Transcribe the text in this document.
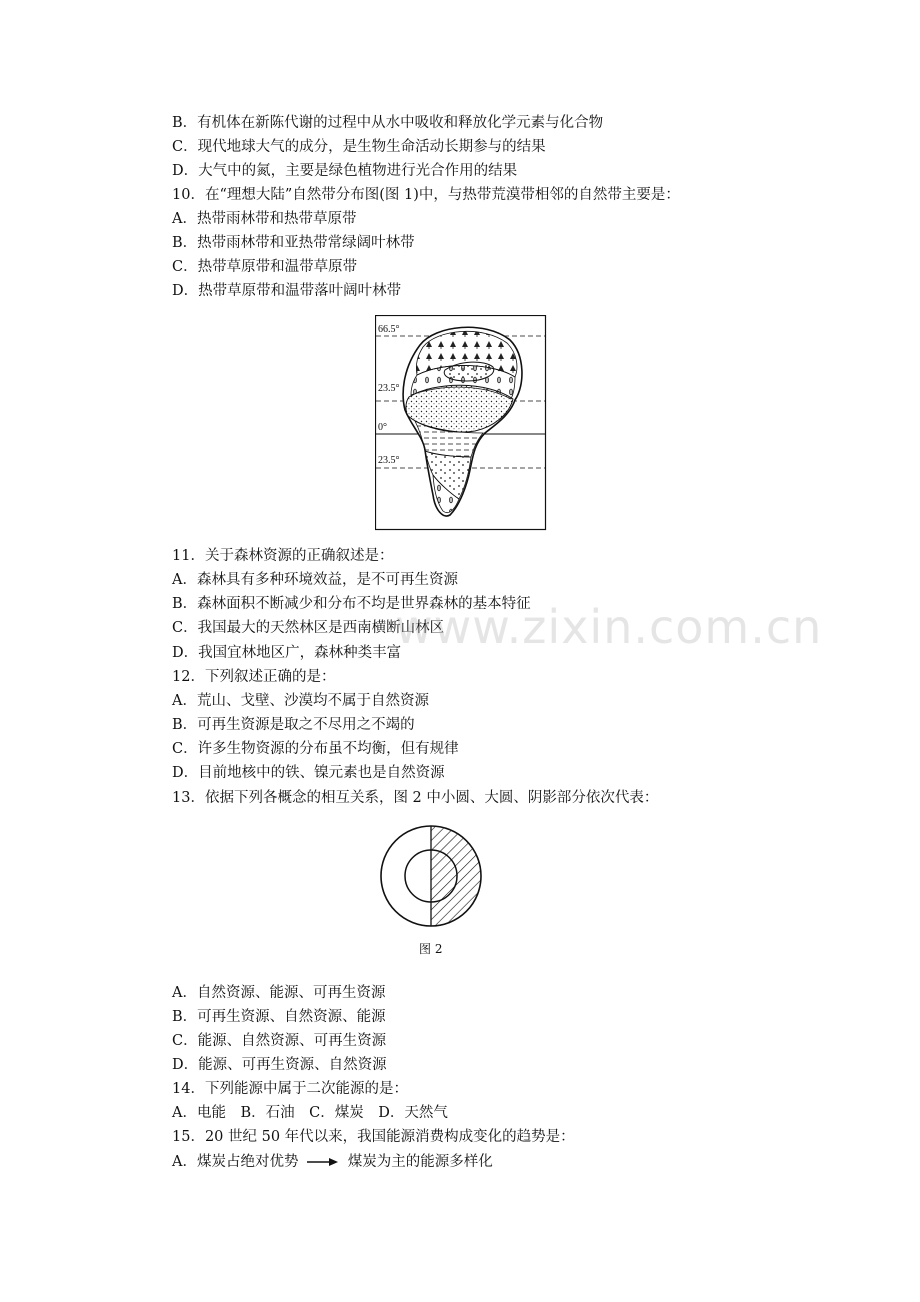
B．有机体在新陈代谢的过程中从水中吸收和释放化学元素与化合物
C．现代地球大气的成分，是生物生命活动长期参与的结果
D．大气中的氮，主要是绿色植物进行光合作用的结果
10．在“理想大陆”自然带分布图(图 1)中，与热带荒漠带相邻的自然带主要是：
A．热带雨林带和热带草原带
B．热带雨林带和亚热带常绿阔叶林带
C．热带草原带和温带草原带
D．热带草原带和温带落叶阔叶林带
66.5°
23.5°
0°
23.5°
11．关于森林资源的正确叙述是：
A．森林具有多种环境效益，是不可再生资源
B．森林面积不断减少和分布不均是世界森林的基本特征
C．我国最大的天然林区是西南横断山林区
D．我国宜林地区广，森林种类丰富
12．下列叙述正确的是：
A．荒山、戈壁、沙漠均不属于自然资源
B．可再生资源是取之不尽用之不竭的
C．许多生物资源的分布虽不均衡，但有规律
D．目前地核中的铁、镍元素也是自然资源
13．依据下列各概念的相互关系，图 2 中小圆、大圆、阴影部分依次代表：
图 2
A．自然资源、能源、可再生资源
B．可再生资源、自然资源、能源
C．能源、自然资源、可再生资源
D．能源、可再生资源、自然资源
14．下列能源中属于二次能源的是：
A．电能　B．石油　C．煤炭　D．天然气
15．20 世纪 50 年代以来，我国能源消费构成变化的趋势是：
A．煤炭占绝对优势	煤炭为主的能源多样化
www.zixin.com.cn
